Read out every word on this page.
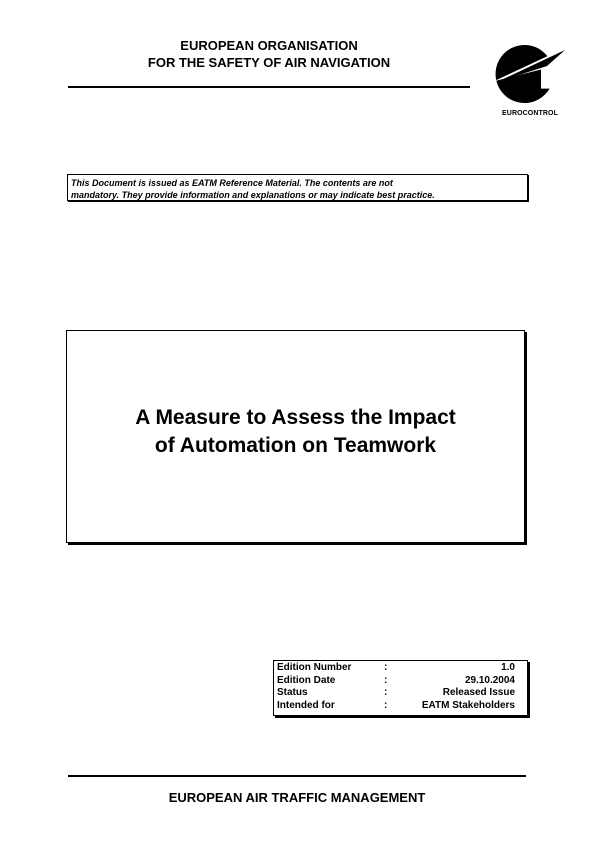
EUROPEAN ORGANISATION
FOR THE SAFETY OF AIR NAVIGATION
EUROCONTROL
This Document is issued as EATM Reference Material. The contents are not
mandatory. They provide information and explanations or may indicate best practice.
A Measure to Assess the Impact
of Automation on Teamwork
Edition Number	:	1.0
Edition Date	:	29.10.2004
Status	:	Released Issue
Intended for	:	EATM Stakeholders
EUROPEAN AIR TRAFFIC MANAGEMENT
